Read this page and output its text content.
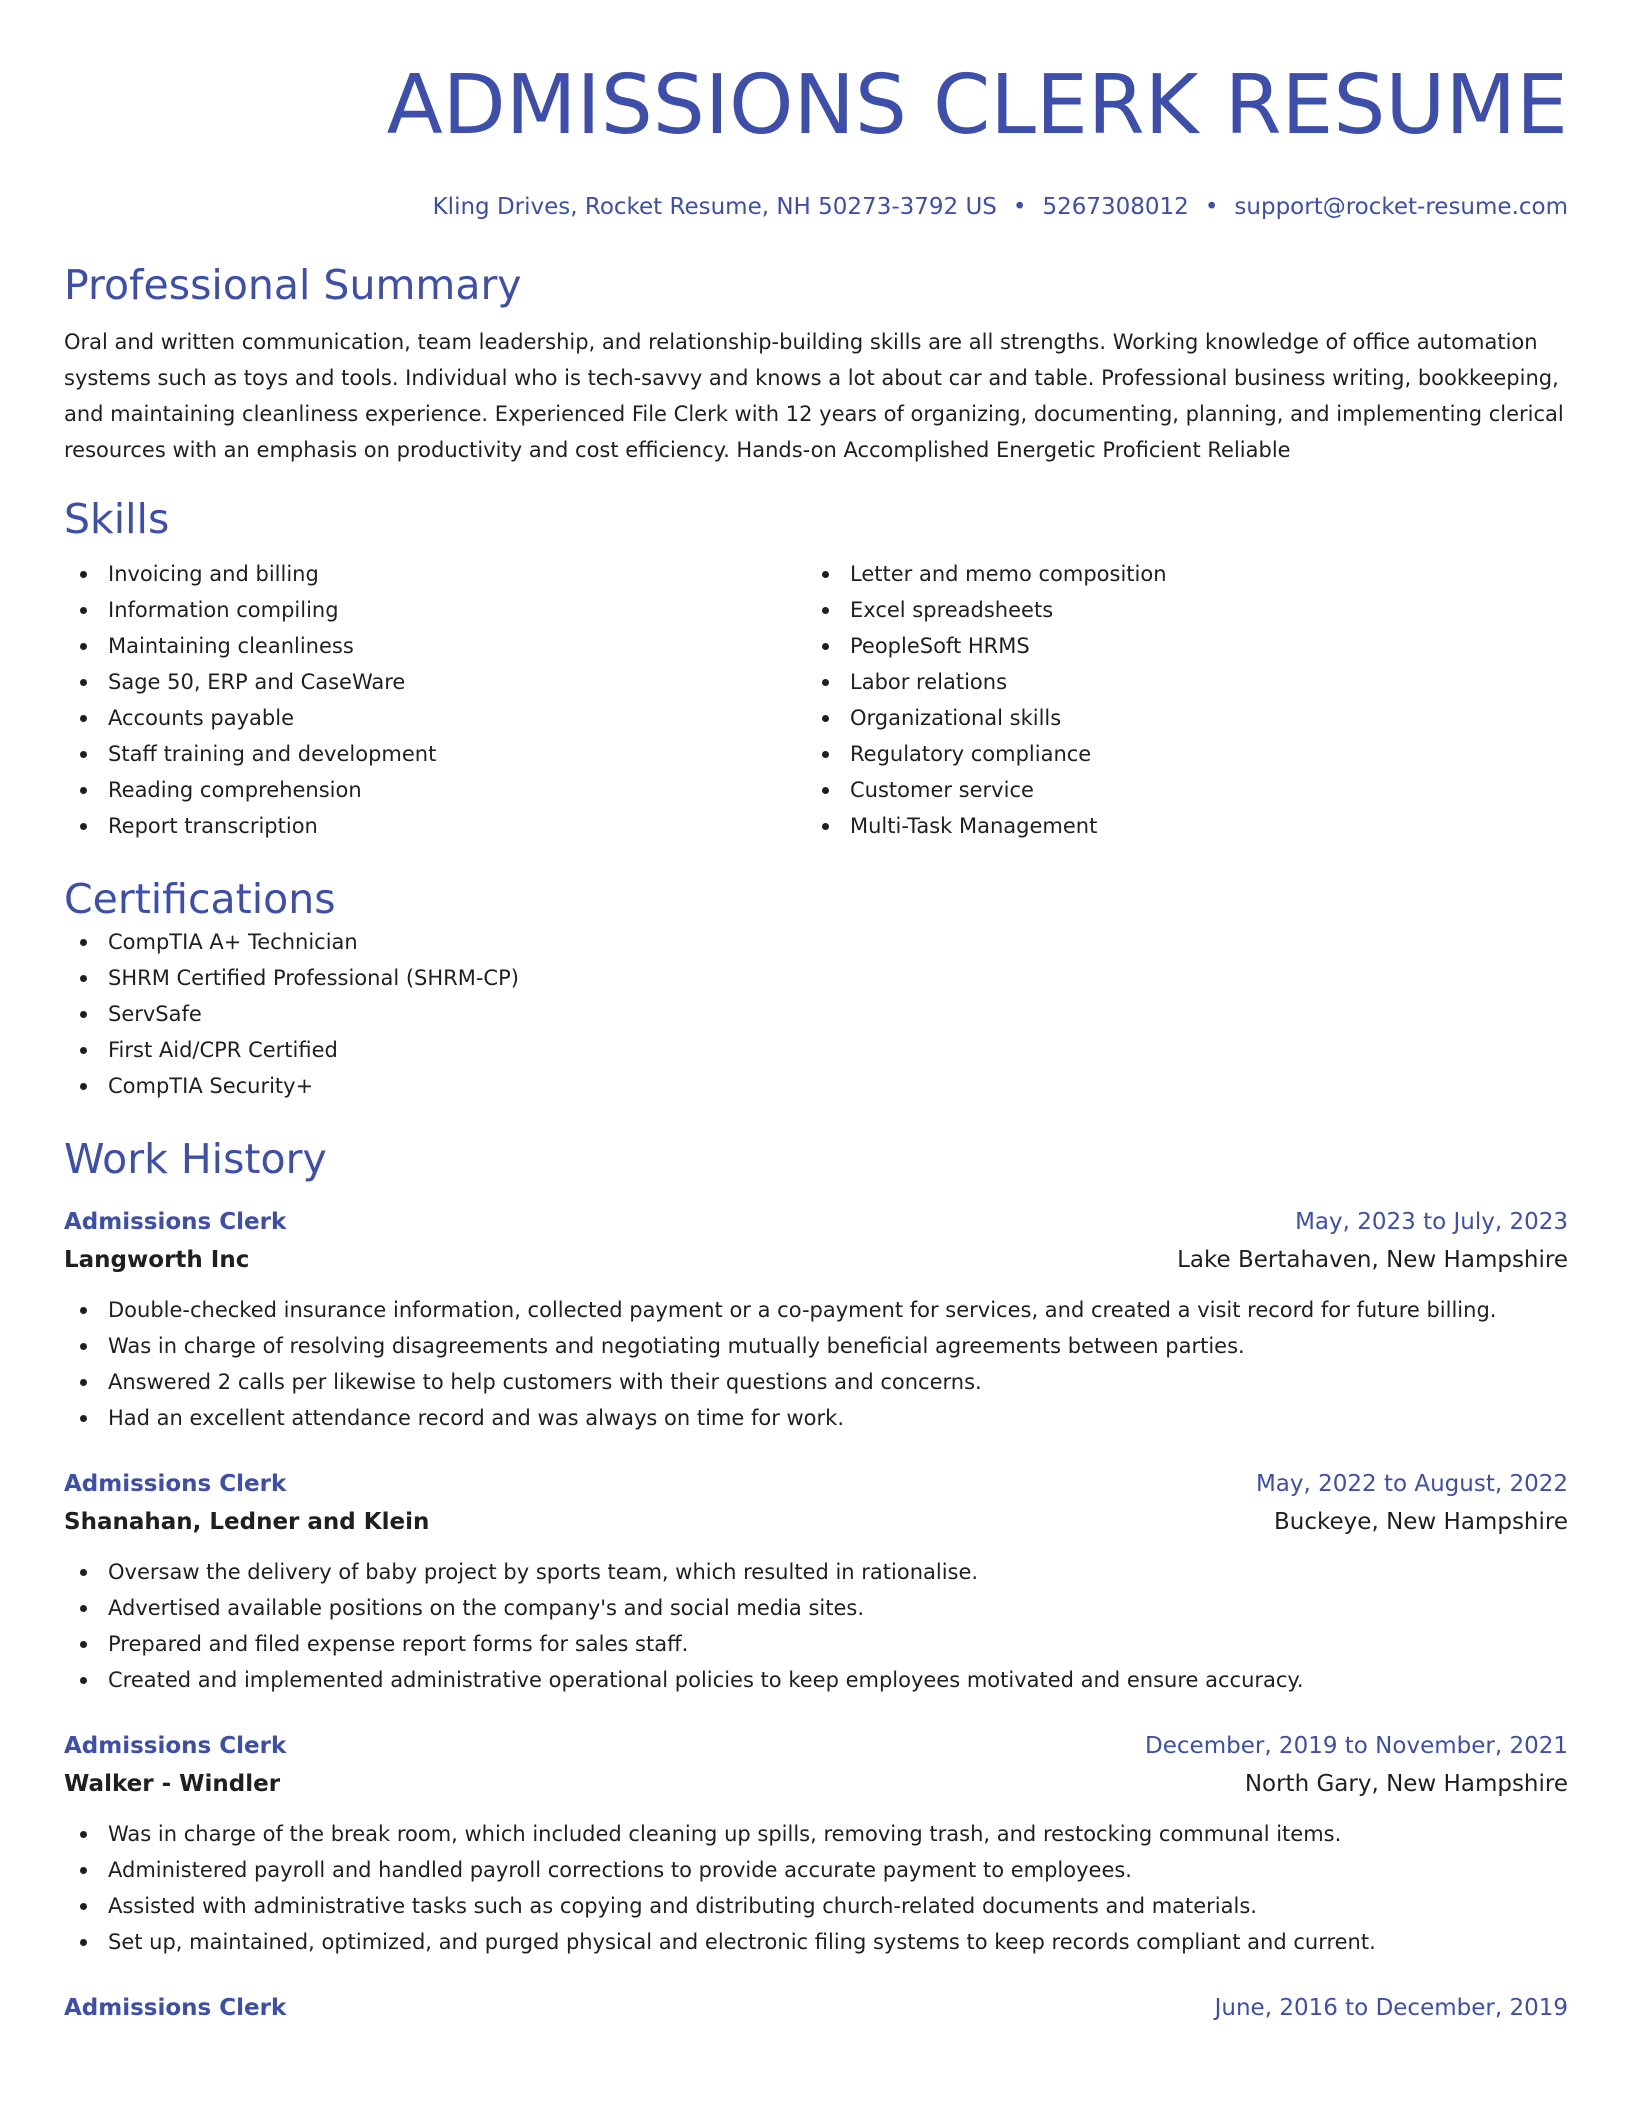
ADMISSIONS CLERK RESUME
Kling Drives, Rocket Resume, NH 50273-3792 US • 5267308012 • support@rocket-resume.com
Professional Summary

Oral and written communication, team leadership, and relationship-building skills are all strengths. Working knowledge of office automation systems such as toys and tools. Individual who is tech-savvy and knows a lot about car and table. Professional business writing, bookkeeping, and maintaining cleanliness experience. Experienced File Clerk with 12 years of organizing, documenting, planning, and implementing clerical resources with an emphasis on productivity and cost efficiency. Hands-on Accomplished Energetic Proficient Reliable

Skills
Invoicing and billing
Information compiling
Maintaining cleanliness
Sage 50, ERP and CaseWare
Accounts payable
Staff training and development
Reading comprehension
Report transcription
Letter and memo composition
Excel spreadsheets
PeopleSoft HRMS
Labor relations
Organizational skills
Regulatory compliance
Customer service
Multi-Task Management
Certifications
CompTIA A+ Technician
SHRM Certified Professional (SHRM-CP)
ServSafe
First Aid/CPR Certified
CompTIA Security+
Work History
Admissions Clerk	May, 2023 to July, 2023
Langworth Inc	Lake Bertahaven, New Hampshire
Double-checked insurance information, collected payment or a co-payment for services, and created a visit record for future billing.
Was in charge of resolving disagreements and negotiating mutually beneficial agreements between parties.
Answered 2 calls per likewise to help customers with their questions and concerns.
Had an excellent attendance record and was always on time for work.
Admissions Clerk	May, 2022 to August, 2022
Shanahan, Ledner and Klein	Buckeye, New Hampshire
Oversaw the delivery of baby project by sports team, which resulted in rationalise.
Advertised available positions on the company's and social media sites.
Prepared and filed expense report forms for sales staff.
Created and implemented administrative operational policies to keep employees motivated and ensure accuracy.
Admissions Clerk	December, 2019 to November, 2021
Walker - Windler	North Gary, New Hampshire
Was in charge of the break room, which included cleaning up spills, removing trash, and restocking communal items.
Administered payroll and handled payroll corrections to provide accurate payment to employees.
Assisted with administrative tasks such as copying and distributing church-related documents and materials.
Set up, maintained, optimized, and purged physical and electronic filing systems to keep records compliant and current.
Admissions Clerk	June, 2016 to December, 2019
